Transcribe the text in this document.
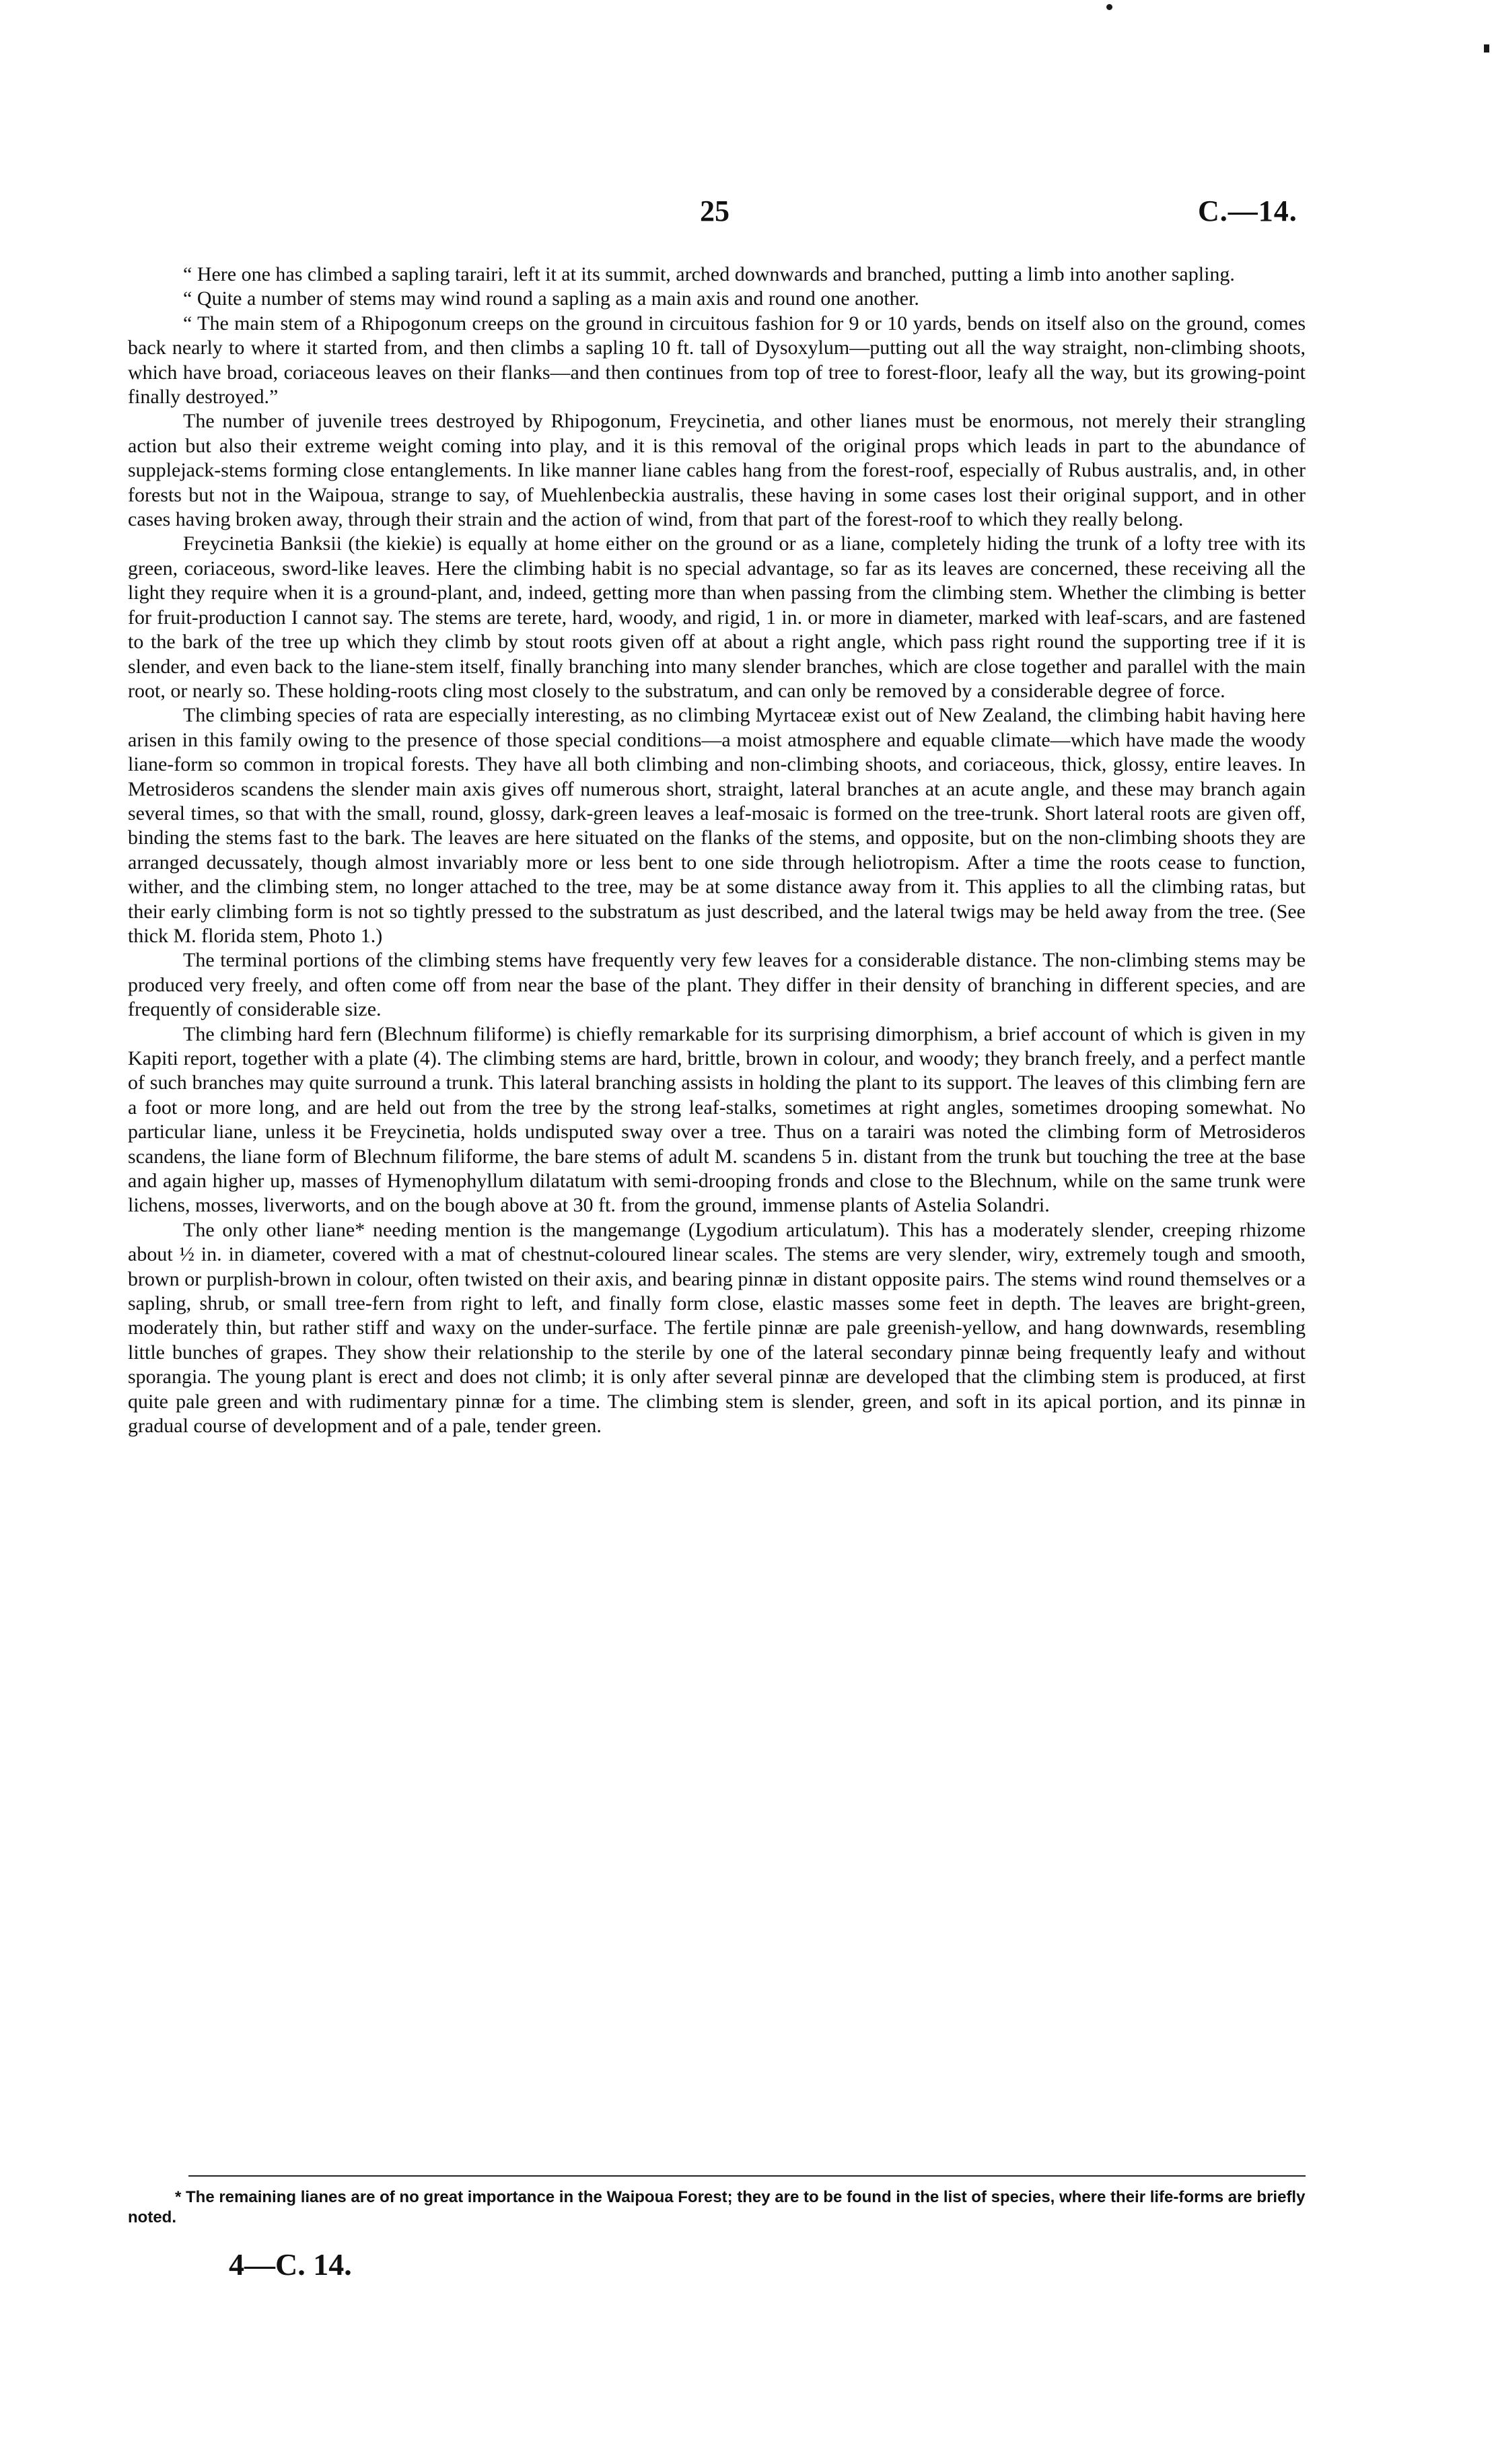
25	C.—14.

“ Here one has climbed a sapling tarairi, left it at its summit, arched downwards and branched, putting a limb into another sapling.

“ Quite a number of stems may wind round a sapling as a main axis and round one another.

“ The main stem of a Rhipogonum creeps on the ground in circuitous fashion for 9 or 10 yards, bends on itself also on the ground, comes back nearly to where it started from, and then climbs a sapling 10 ft. tall of Dysoxylum—putting out all the way straight, non-climbing shoots, which have broad, coriaceous leaves on their flanks—and then continues from top of tree to forest-floor, leafy all the way, but its growing-point finally destroyed.”

The number of juvenile trees destroyed by Rhipogonum, Freycinetia, and other lianes must be enormous, not merely their strangling action but also their extreme weight coming into play, and it is this removal of the original props which leads in part to the abundance of supplejack-stems forming close entanglements. In like manner liane cables hang from the forest-roof, especially of Rubus australis, and, in other forests but not in the Waipoua, strange to say, of Muehlenbeckia australis, these having in some cases lost their original support, and in other cases having broken away, through their strain and the action of wind, from that part of the forest-roof to which they really belong.

Freycinetia Banksii (the kiekie) is equally at home either on the ground or as a liane, completely hiding the trunk of a lofty tree with its green, coriaceous, sword-like leaves. Here the climbing habit is no special advantage, so far as its leaves are concerned, these receiving all the light they require when it is a ground-plant, and, indeed, getting more than when passing from the climbing stem. Whether the climbing is better for fruit-production I cannot say. The stems are terete, hard, woody, and rigid, 1 in. or more in diameter, marked with leaf-scars, and are fastened to the bark of the tree up which they climb by stout roots given off at about a right angle, which pass right round the supporting tree if it is slender, and even back to the liane-stem itself, finally branching into many slender branches, which are close together and parallel with the main root, or nearly so. These holding-roots cling most closely to the substratum, and can only be removed by a considerable degree of force.

The climbing species of rata are especially interesting, as no climbing Myrtaceæ exist out of New Zealand, the climbing habit having here arisen in this family owing to the presence of those special conditions—a moist atmosphere and equable climate—which have made the woody liane-form so common in tropical forests. They have all both climbing and non-climbing shoots, and coriaceous, thick, glossy, entire leaves. In Metrosideros scandens the slender main axis gives off numerous short, straight, lateral branches at an acute angle, and these may branch again several times, so that with the small, round, glossy, dark-green leaves a leaf-mosaic is formed on the tree-trunk. Short lateral roots are given off, binding the stems fast to the bark. The leaves are here situated on the flanks of the stems, and opposite, but on the non-climbing shoots they are arranged decussately, though almost invariably more or less bent to one side through heliotropism. After a time the roots cease to function, wither, and the climbing stem, no longer attached to the tree, may be at some distance away from it. This applies to all the climbing ratas, but their early climbing form is not so tightly pressed to the substratum as just described, and the lateral twigs may be held away from the tree. (See thick M. florida stem, Photo 1.)

The terminal portions of the climbing stems have frequently very few leaves for a considerable distance. The non-climbing stems may be produced very freely, and often come off from near the base of the plant. They differ in their density of branching in different species, and are frequently of considerable size.

The climbing hard fern (Blechnum filiforme) is chiefly remarkable for its surprising dimorphism, a brief account of which is given in my Kapiti report, together with a plate (4). The climbing stems are hard, brittle, brown in colour, and woody; they branch freely, and a perfect mantle of such branches may quite surround a trunk. This lateral branching assists in holding the plant to its support. The leaves of this climbing fern are a foot or more long, and are held out from the tree by the strong leaf-stalks, sometimes at right angles, sometimes drooping somewhat. No particular liane, unless it be Freycinetia, holds undisputed sway over a tree. Thus on a tarairi was noted the climbing form of Metrosideros scandens, the liane form of Blechnum filiforme, the bare stems of adult M. scandens 5 in. distant from the trunk but touching the tree at the base and again higher up, masses of Hymenophyllum dilatatum with semi-drooping fronds and close to the Blechnum, while on the same trunk were lichens, mosses, liverworts, and on the bough above at 30 ft. from the ground, immense plants of Astelia Solandri.

The only other liane* needing mention is the mangemange (Lygodium articulatum). This has a moderately slender, creeping rhizome about ½ in. in diameter, covered with a mat of chestnut-coloured linear scales. The stems are very slender, wiry, extremely tough and smooth, brown or purplish-brown in colour, often twisted on their axis, and bearing pinnæ in distant opposite pairs. The stems wind round themselves or a sapling, shrub, or small tree-fern from right to left, and finally form close, elastic masses some feet in depth. The leaves are bright-green, moderately thin, but rather stiff and waxy on the under-surface. The fertile pinnæ are pale greenish-yellow, and hang downwards, resembling little bunches of grapes. They show their relationship to the sterile by one of the lateral secondary pinnæ being frequently leafy and without sporangia. The young plant is erect and does not climb; it is only after several pinnæ are developed that the climbing stem is produced, at first quite pale green and with rudimentary pinnæ for a time. The climbing stem is slender, green, and soft in its apical portion, and its pinnæ in gradual course of development and of a pale, tender green.

* The remaining lianes are of no great importance in the Waipoua Forest; they are to be found in the list of species, where their life-forms are briefly noted.
4—C. 14.
